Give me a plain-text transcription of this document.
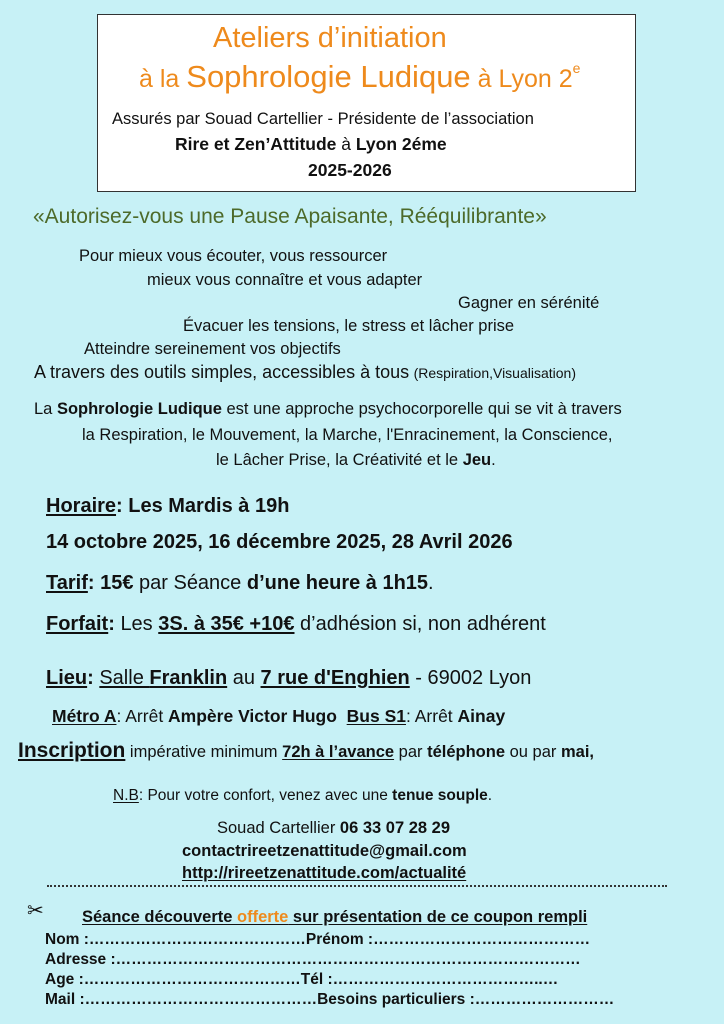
Ateliers d’initiation
à la Sophrologie Ludique à Lyon 2e
Assurés par Souad Cartellier - Présidente de l’association
Rire et Zen’Attitude à Lyon 2éme
2025-2026
«Autorisez-vous une Pause Apaisante, Rééquilibrante»
Pour mieux vous écouter, vous ressourcer
mieux vous connaître et vous adapter
Gagner en sérénité
Évacuer les tensions, le stress et lâcher prise
Atteindre sereinement vos objectifs
A travers des outils simples, accessibles à tous (Respiration,Visualisation)
La Sophrologie Ludique est une approche psychocorporelle qui se vit à travers
la Respiration, le Mouvement, la Marche, l'Enracinement, la Conscience,
le Lâcher Prise, la Créativité et le Jeu.
Horaire: Les Mardis à 19h
14 octobre 2025, 16 décembre 2025, 28 Avril 2026
Tarif: 15€ par Séance d’une heure à 1h15.
Forfait: Les 3S. à 35€ +10€ d’adhésion si, non adhérent
Lieu: Salle Franklin au 7 rue d'Enghien - 69002 Lyon
Métro A: Arrêt Ampère Victor Hugo Bus S1: Arrêt Ainay
Inscription impérative minimum 72h à l’avance par téléphone ou par mai,
N.B: Pour votre confort, venez avec une tenue souple.
Souad Cartellier 06 33 07 28 29
contactrireetzenattitude@gmail.com
http://rireetzenattitude.com/actualité
✂ Séance découverte offerte sur présentation de ce coupon rempli
Nom :……………………………………Prénom :……………………………………
Adresse :………………………………………………………………………………
Age :……………………………………Tél :…………………………………..…
Mail :………………………………………Besoins particuliers :………………………
